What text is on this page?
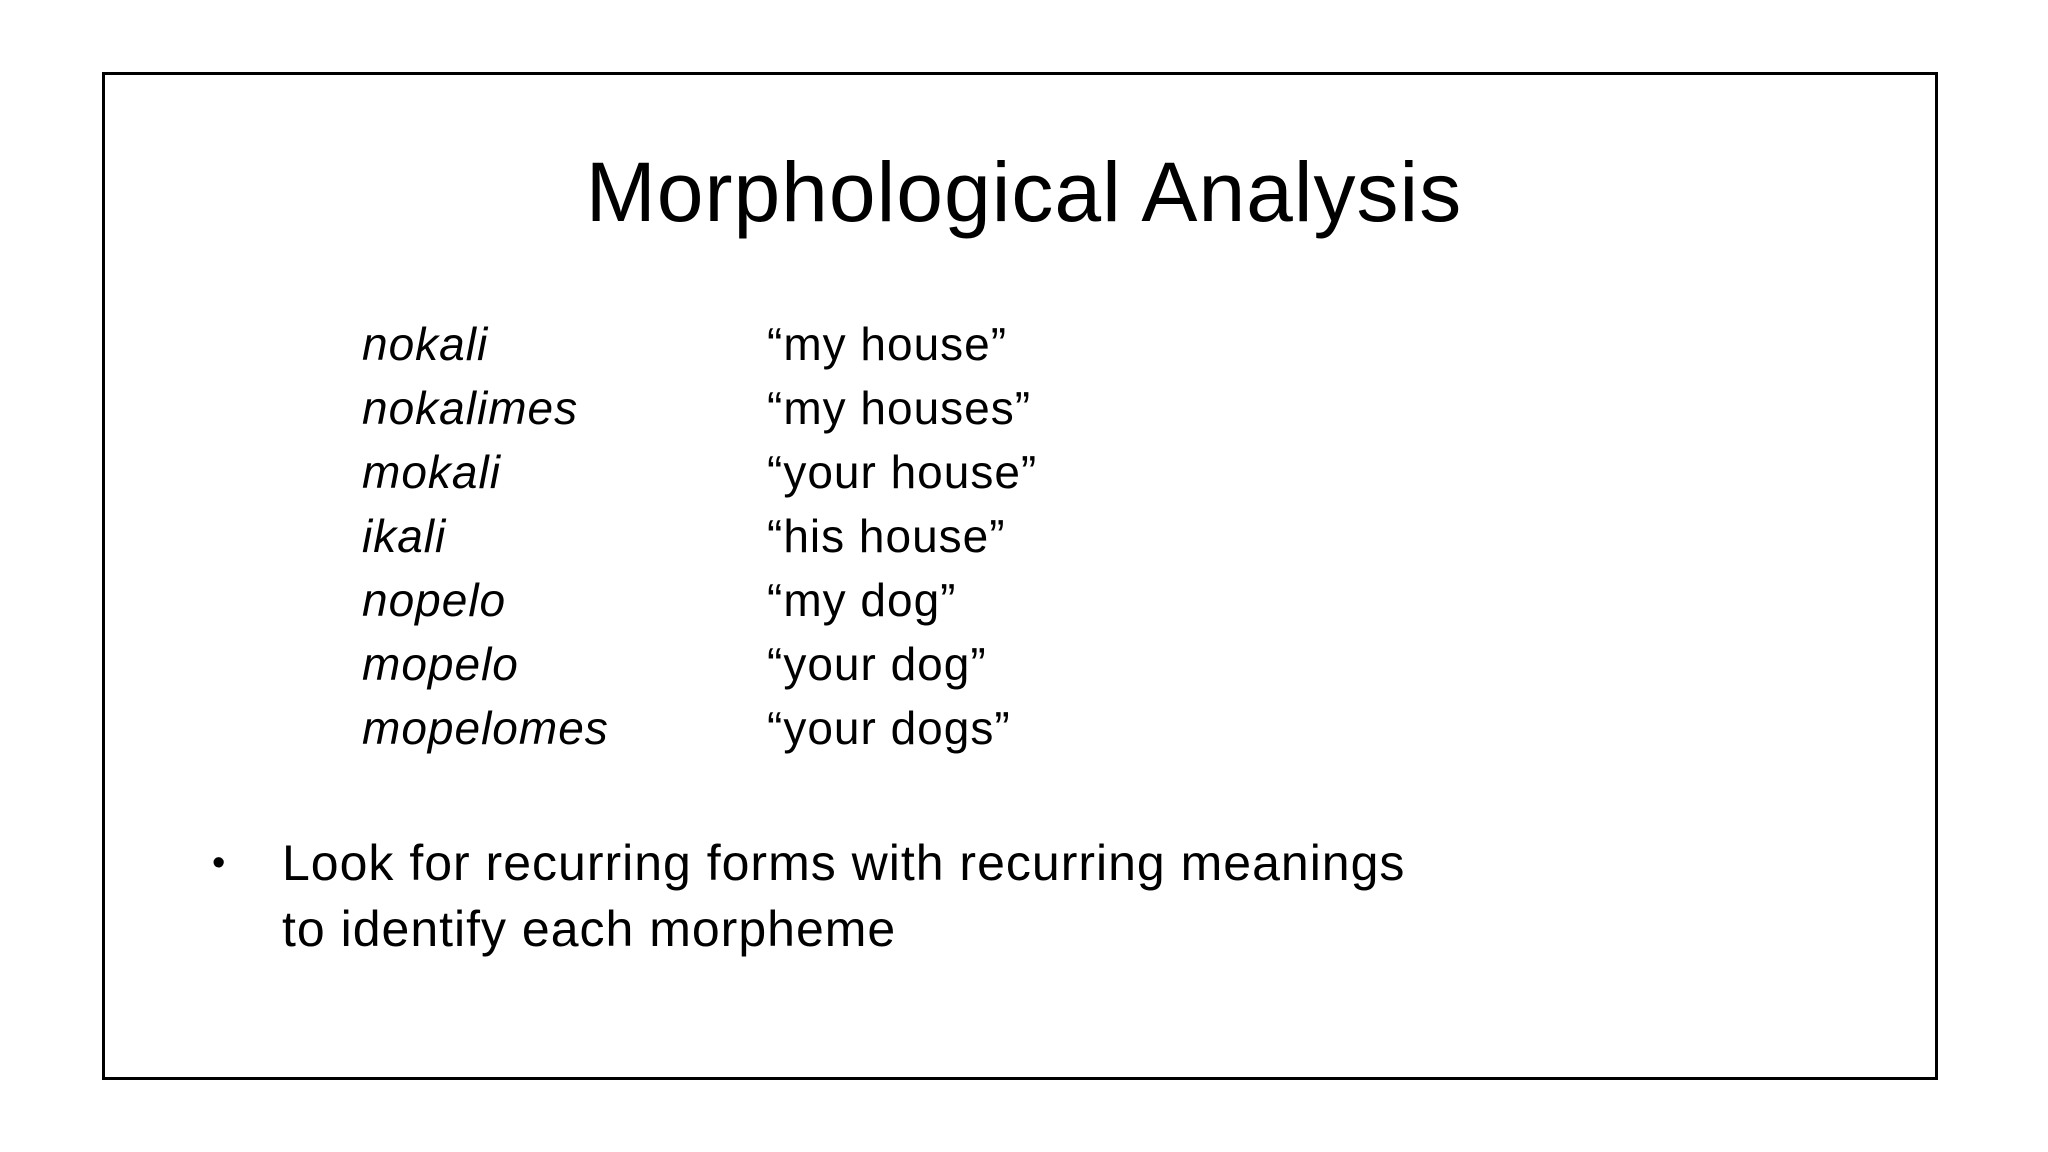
Morphological Analysis
nokali	“my house”
nokalimes	“my houses”
mokali	“your house”
ikali	“his house”
nopelo	“my dog”
mopelo	“your dog”
mopelomes	“your dogs”
•	Look for recurring forms with recurring meanings to identify each morpheme
